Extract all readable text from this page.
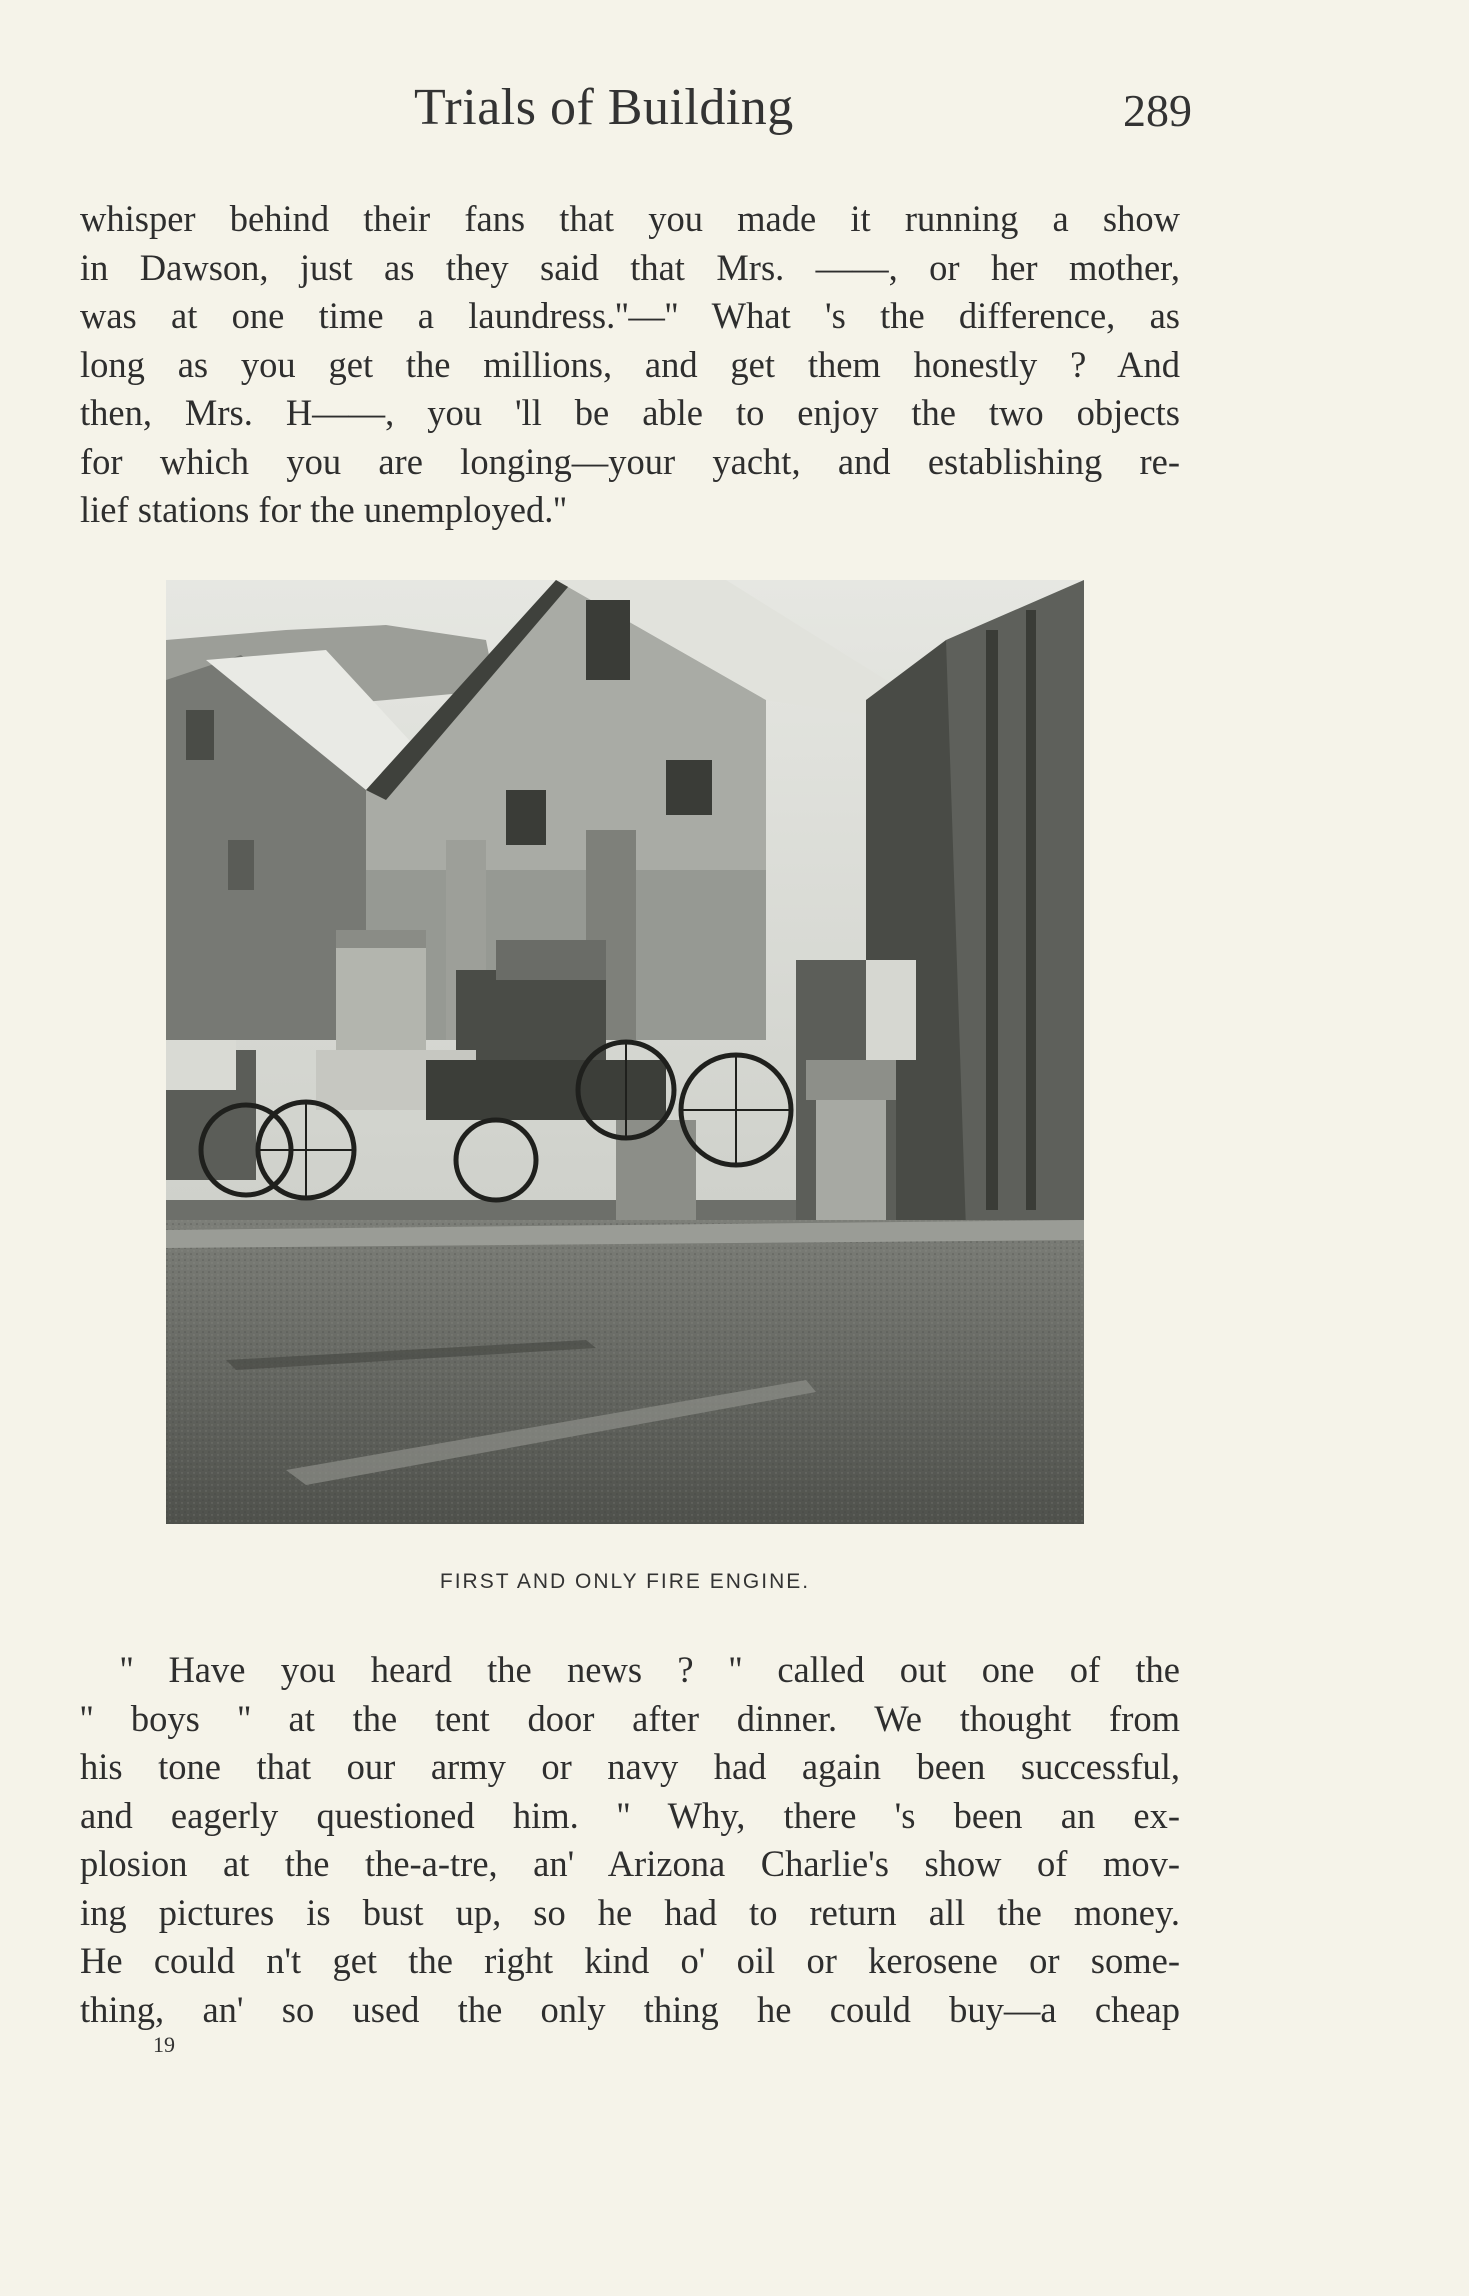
Trials of Building	289
whisper behind their fans that you made it running a show
in Dawson, just as they said that Mrs. ——, or her mother,
was at one time a laundress.''—'' What 's the difference, as
long as you get the millions, and get them honestly ? And
then, Mrs. H——, you 'll be able to enjoy the two objects
for which you are longing—your yacht, and establishing re-
lief stations for the unemployed.''
FIRST AND ONLY FIRE ENGINE.
'' Have you heard the news ? '' called out one of the
'' boys '' at the tent door after dinner. We thought from
his tone that our army or navy had again been successful,
and eagerly questioned him. '' Why, there 's been an ex-
plosion at the the-a-tre, an' Arizona Charlie's show of mov-
ing pictures is bust up, so he had to return all the money.
He could n't get the right kind o' oil or kerosene or some-
thing, an' so used the only thing he could buy—a cheap
19
